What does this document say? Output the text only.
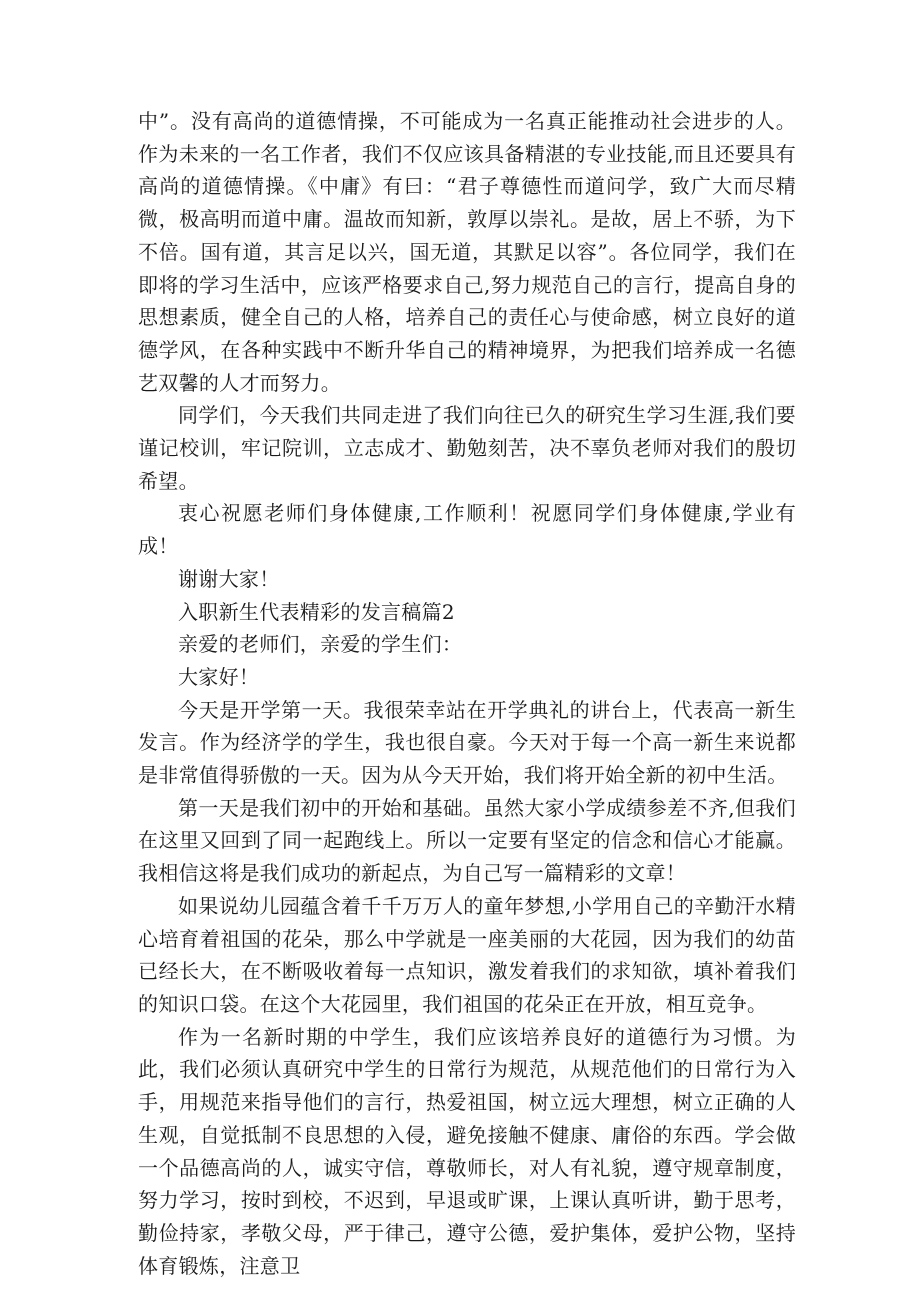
中”。没有高尚的道德情操，不可能成为一名真正能推动社会进步的人。作为未来的一名工作者，我们不仅应该具备精湛的专业技能,而且还要具有高尚的道德情操。《中庸》有曰：“君子尊德性而道问学，致广大而尽精微，极高明而道中庸。温故而知新，敦厚以崇礼。是故，居上不骄，为下不倍。国有道，其言足以兴，国无道，其默足以容”。各位同学，我们在即将的学习生活中，应该严格要求自己,努力规范自己的言行，提高自身的思想素质，健全自己的人格，培养自己的责任心与使命感，树立良好的道德学风，在各种实践中不断升华自己的精神境界，为把我们培养成一名德艺双馨的人才而努力。

同学们，今天我们共同走进了我们向往已久的研究生学习生涯,我们要谨记校训，牢记院训，立志成才、勤勉刻苦，决不辜负老师对我们的殷切希望。

衷心祝愿老师们身体健康,工作顺利！祝愿同学们身体健康,学业有成！

谢谢大家！

入职新生代表精彩的发言稿篇2

亲爱的老师们，亲爱的学生们：

大家好！

今天是开学第一天。我很荣幸站在开学典礼的讲台上，代表高一新生发言。作为经济学的学生，我也很自豪。今天对于每一个高一新生来说都是非常值得骄傲的一天。因为从今天开始，我们将开始全新的初中生活。

第一天是我们初中的开始和基础。虽然大家小学成绩参差不齐,但我们在这里又回到了同一起跑线上。所以一定要有坚定的信念和信心才能赢。我相信这将是我们成功的新起点，为自己写一篇精彩的文章！

如果说幼儿园蕴含着千千万万人的童年梦想,小学用自己的辛勤汗水精心培育着祖国的花朵，那么中学就是一座美丽的大花园，因为我们的幼苗已经长大，在不断吸收着每一点知识，激发着我们的求知欲，填补着我们的知识口袋。在这个大花园里，我们祖国的花朵正在开放，相互竞争。

作为一名新时期的中学生，我们应该培养良好的道德行为习惯。为此，我们必须认真研究中学生的日常行为规范，从规范他们的日常行为入手，用规范来指导他们的言行，热爱祖国，树立远大理想，树立正确的人生观，自觉抵制不良思想的入侵，避免接触不健康、庸俗的东西。学会做一个品德高尚的人，诚实守信，尊敬师长，对人有礼貌，遵守规章制度，努力学习，按时到校，不迟到，早退或旷课，上课认真听讲，勤于思考，勤俭持家，孝敬父母，严于律己，遵守公德，爱护集体，爱护公物，坚持体育锻炼，注意卫
